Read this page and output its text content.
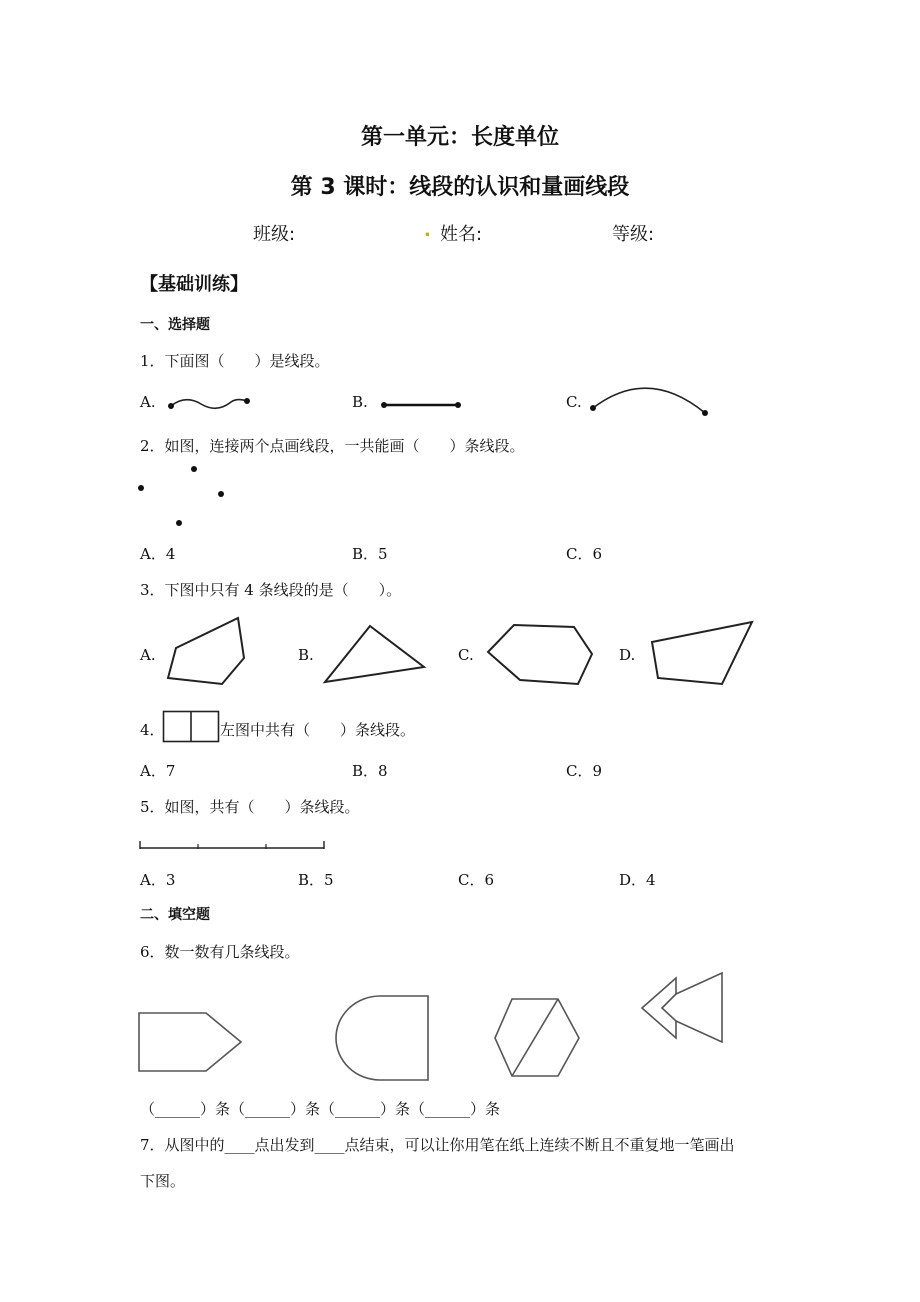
第一单元：长度单位
第 3 课时：线段的认识和量画线段
班级:	. 姓名:	等级:
【基础训练】
一、选择题
1．下面图（　　）是线段。
A.	B.	C.
2．如图，连接两个点画线段，一共能画（　　）条线段。
A．4	B．5	C．6
3．下图中只有 4 条线段的是（　　）。
A.	B.	C.	D.
4．	左图中共有（　　）条线段。
A．7	B．8	C．9
5．如图，共有（　　）条线段。
A．3	B．5	C．6	D．4
二、填空题
6．数一数有几条线段。
（______）条（______）条（______）条（______）条
7．从图中的____点出发到____点结束，可以让你用笔在纸上连续不断且不重复地一笔画出
下图。
